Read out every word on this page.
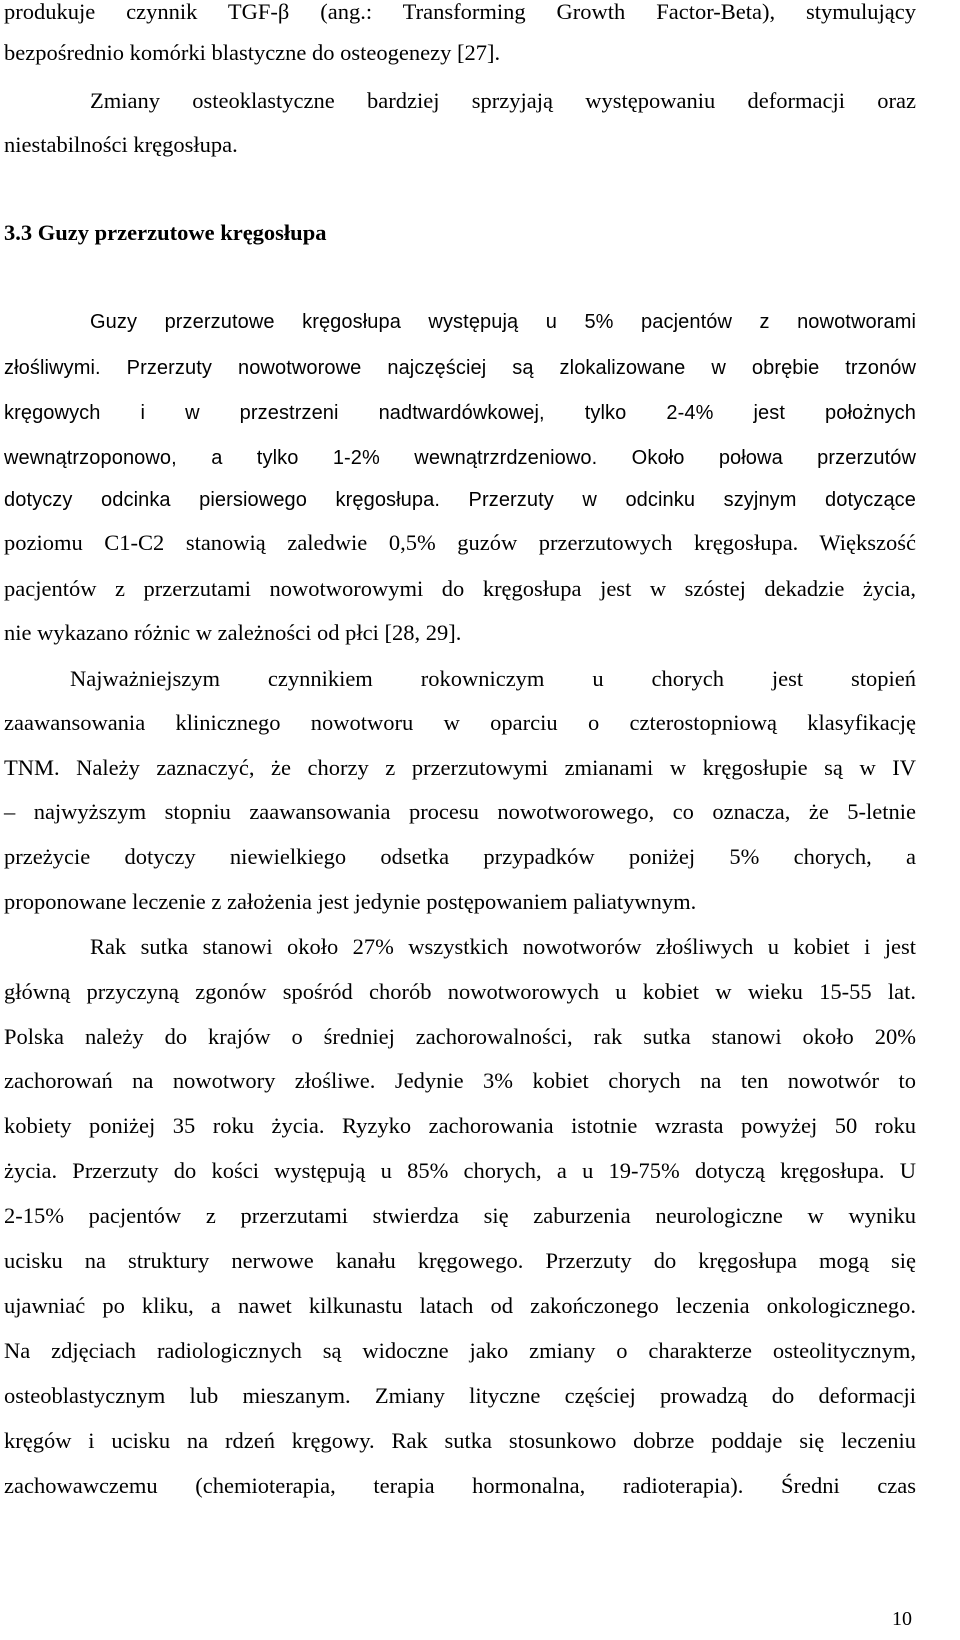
produkuje czynnik TGF-β (ang.: Transforming Growth Factor-Beta), stymulujący
bezpośrednio komórki blastyczne do osteogenezy [27].
Zmiany osteoklastyczne bardziej sprzyjają występowaniu deformacji oraz
niestabilności kręgosłupa.
3.3 Guzy przerzutowe kręgosłupa
Guzy przerzutowe kręgosłupa występują u 5% pacjentów z nowotworami
złośliwymi. Przerzuty nowotworowe najczęściej są zlokalizowane w obrębie trzonów
kręgowych i w przestrzeni nadtwardówkowej, tylko 2-4% jest położnych
wewnątrzoponowo, a tylko 1-2% wewnątrzrdzeniowo. Około połowa przerzutów
dotyczy odcinka piersiowego kręgosłupa. Przerzuty w odcinku szyjnym dotyczące
poziomu C1-C2 stanowią zaledwie 0,5% guzów przerzutowych kręgosłupa. Większość
pacjentów z przerzutami nowotworowymi do kręgosłupa jest w szóstej dekadzie życia,
nie wykazano różnic w zależności od płci [28, 29].
Najważniejszym czynnikiem rokowniczym u chorych jest stopień
zaawansowania klinicznego nowotworu w oparciu o czterostopniową klasyfikację
TNM. Należy zaznaczyć, że chorzy z przerzutowymi zmianami w kręgosłupie są w IV
– najwyższym stopniu zaawansowania procesu nowotworowego, co oznacza, że 5-letnie
przeżycie dotyczy niewielkiego odsetka przypadków poniżej 5% chorych, a
proponowane leczenie z założenia jest jedynie postępowaniem paliatywnym.
Rak sutka stanowi około 27% wszystkich nowotworów złośliwych u kobiet i jest
główną przyczyną zgonów spośród chorób nowotworowych u kobiet w wieku 15-55 lat.
Polska należy do krajów o średniej zachorowalności, rak sutka stanowi około 20%
zachorowań na nowotwory złośliwe. Jedynie 3% kobiet chorych na ten nowotwór to
kobiety poniżej 35 roku życia. Ryzyko zachorowania istotnie wzrasta powyżej 50 roku
życia. Przerzuty do kości występują u 85% chorych, a u 19-75% dotyczą kręgosłupa. U
2-15% pacjentów z przerzutami stwierdza się zaburzenia neurologiczne w wyniku
ucisku na struktury nerwowe kanału kręgowego. Przerzuty do kręgosłupa mogą się
ujawniać po kliku, a nawet kilkunastu latach od zakończonego leczenia onkologicznego.
Na zdjęciach radiologicznych są widoczne jako zmiany o charakterze osteolitycznym,
osteoblastycznym lub mieszanym. Zmiany lityczne częściej prowadzą do deformacji
kręgów i ucisku na rdzeń kręgowy. Rak sutka stosunkowo dobrze poddaje się leczeniu
zachowawczemu (chemioterapia, terapia hormonalna, radioterapia). Średni czas
10
